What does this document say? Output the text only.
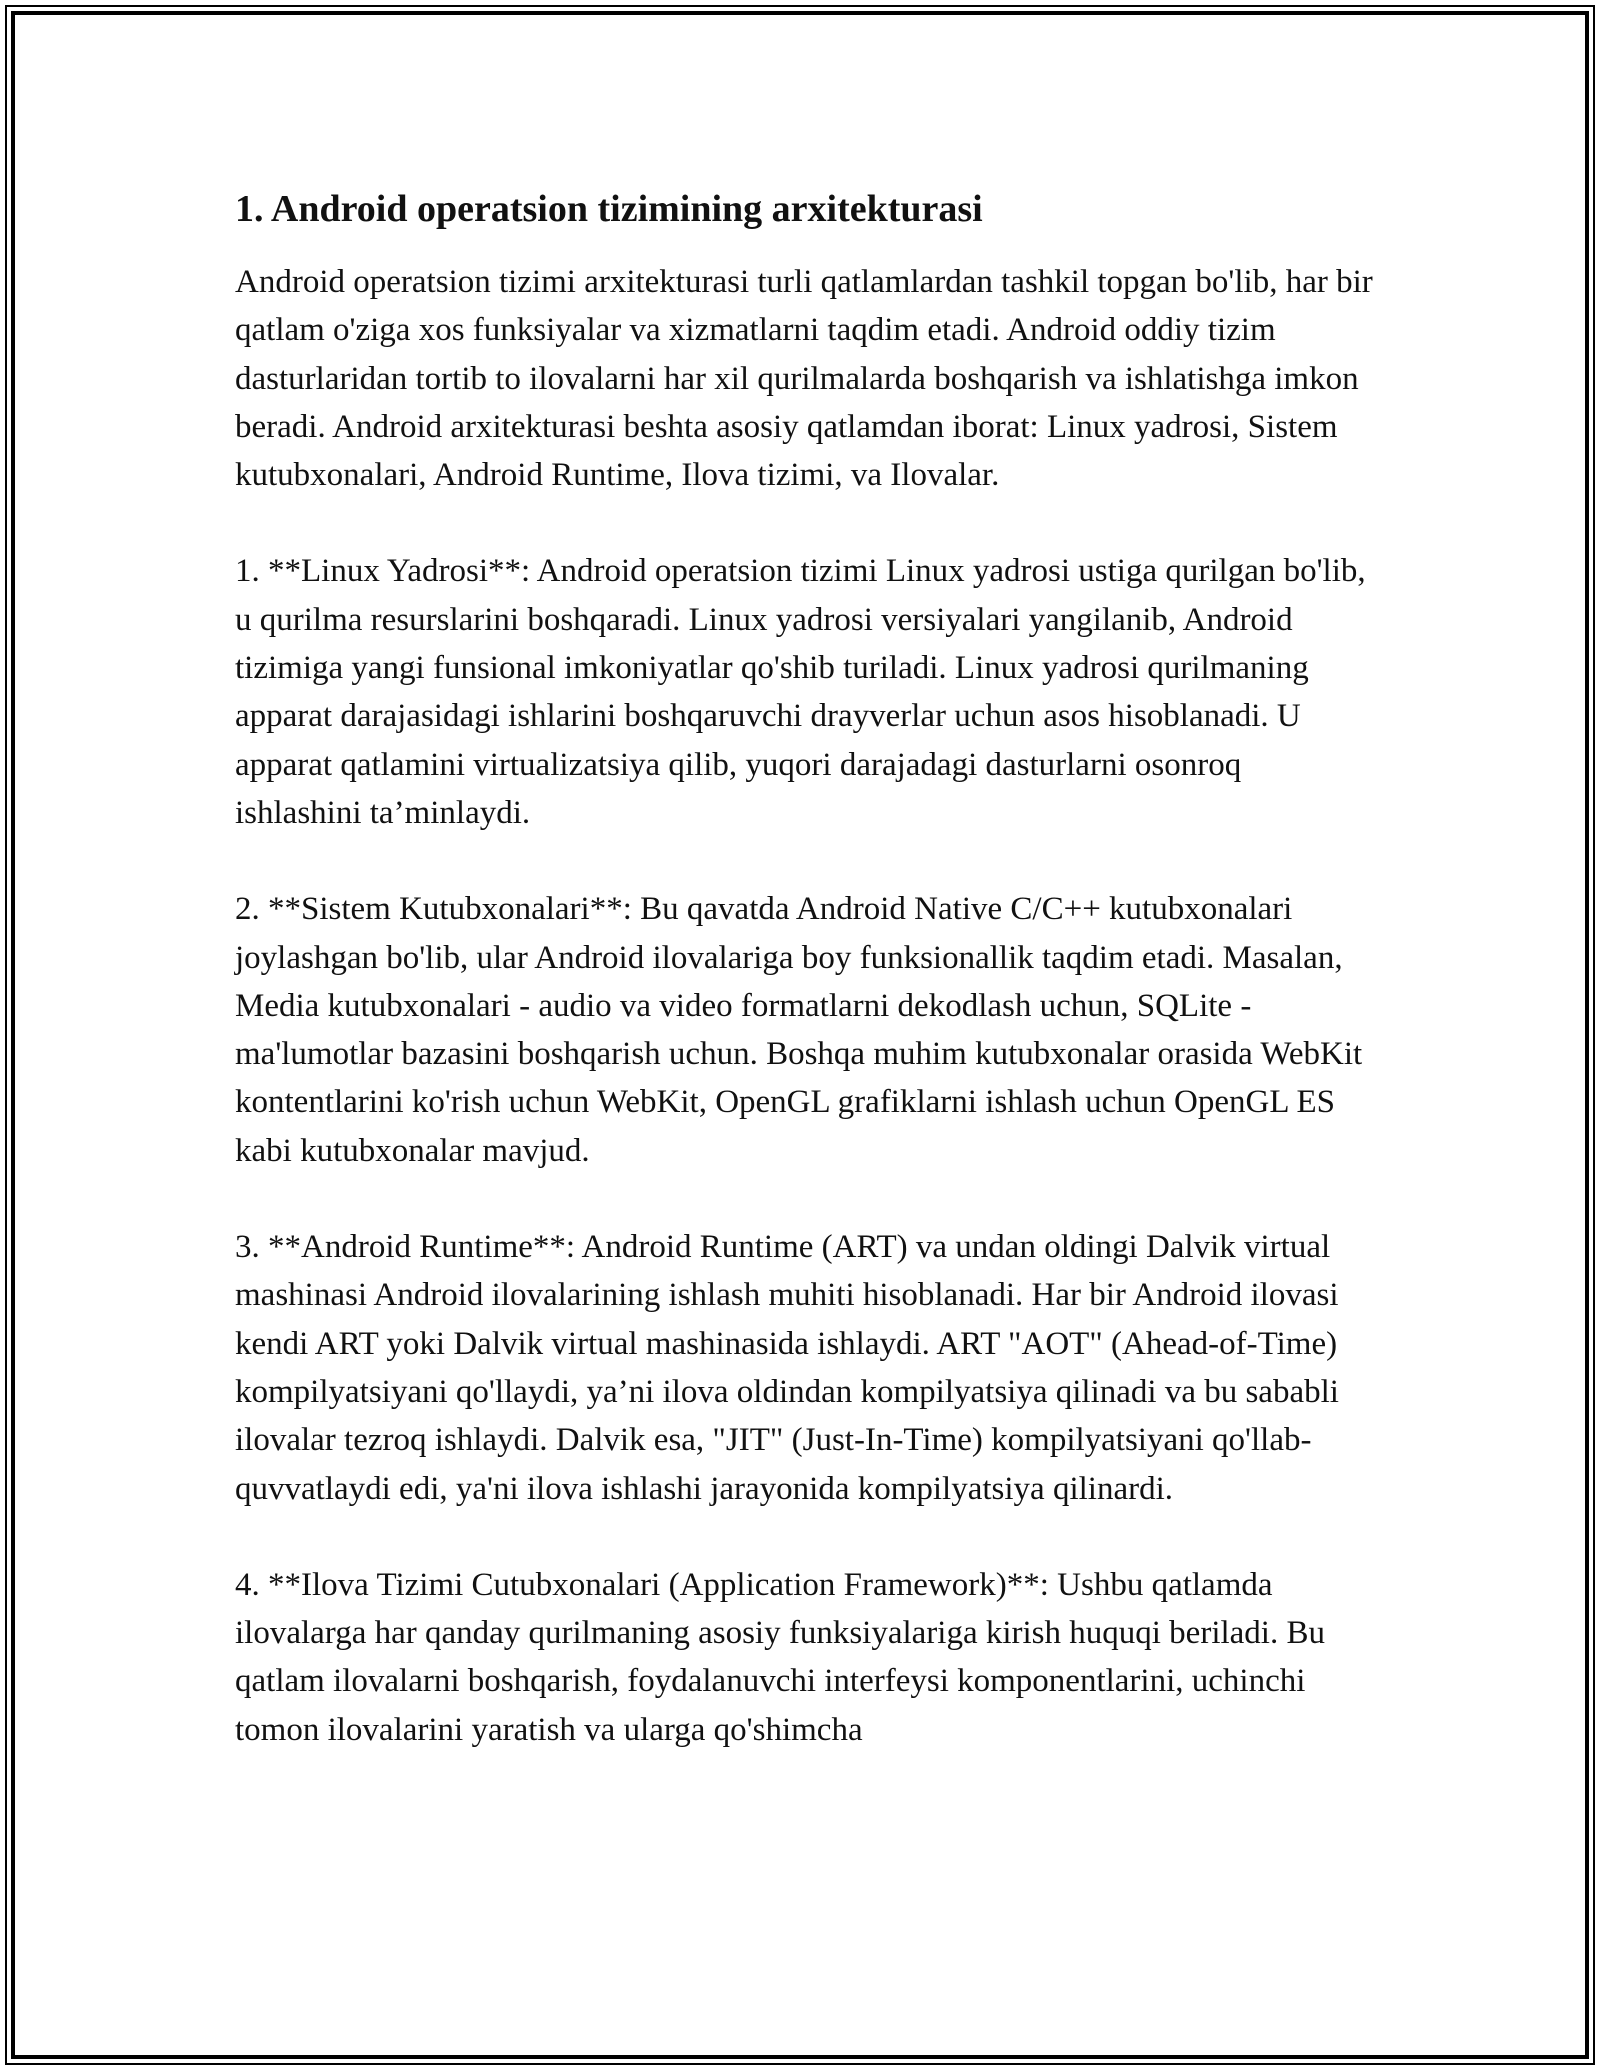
1. Android operatsion tizimining arxitekturasi

Android operatsion tizimi arxitekturasi turli qatlamlardan tashkil topgan bo'lib, har bir qatlam o'ziga xos funksiyalar va xizmatlarni taqdim etadi. Android oddiy tizim dasturlaridan tortib to ilovalarni har xil qurilmalarda boshqarish va ishlatishga imkon beradi. Android arxitekturasi beshta asosiy qatlamdan iborat: Linux yadrosi, Sistem kutubxonalari, Android Runtime, Ilova tizimi, va Ilovalar.

1. **Linux Yadrosi**: Android operatsion tizimi Linux yadrosi ustiga qurilgan bo'lib, u qurilma resurslarini boshqaradi. Linux yadrosi versiyalari yangilanib, Android tizimiga yangi funsional imkoniyatlar qo'shib turiladi. Linux yadrosi qurilmaning apparat darajasidagi ishlarini boshqaruvchi drayverlar uchun asos hisoblanadi. U apparat qatlamini virtualizatsiya qilib, yuqori darajadagi dasturlarni osonroq ishlashini ta’minlaydi.

2. **Sistem Kutubxonalari**: Bu qavatda Android Native C/C++ kutubxonalari joylashgan bo'lib, ular Android ilovalariga boy funksionallik taqdim etadi. Masalan, Media kutubxonalari - audio va video formatlarni dekodlash uchun, SQLite - ma'lumotlar bazasini boshqarish uchun. Boshqa muhim kutubxonalar orasida WebKit kontentlarini ko'rish uchun WebKit, OpenGL grafiklarni ishlash uchun OpenGL ES kabi kutubxonalar mavjud.

3. **Android Runtime**: Android Runtime (ART) va undan oldingi Dalvik virtual mashinasi Android ilovalarining ishlash muhiti hisoblanadi. Har bir Android ilovasi kendi ART yoki Dalvik virtual mashinasida ishlaydi. ART "AOT" (Ahead-of-Time) kompilyatsiyani qo'llaydi, ya’ni ilova oldindan kompilyatsiya qilinadi va bu sababli ilovalar tezroq ishlaydi. Dalvik esa, "JIT" (Just-In-Time) kompilyatsiyani qo'llab-quvvatlaydi edi, ya'ni ilova ishlashi jarayonida kompilyatsiya qilinardi.

4. **Ilova Tizimi Cutubxonalari (Application Framework)**: Ushbu qatlamda ilovalarga har qanday qurilmaning asosiy funksiyalariga kirish huquqi beriladi. Bu qatlam ilovalarni boshqarish, foydalanuvchi interfeysi komponentlarini, uchinchi tomon ilovalarini yaratish va ularga qo'shimcha
